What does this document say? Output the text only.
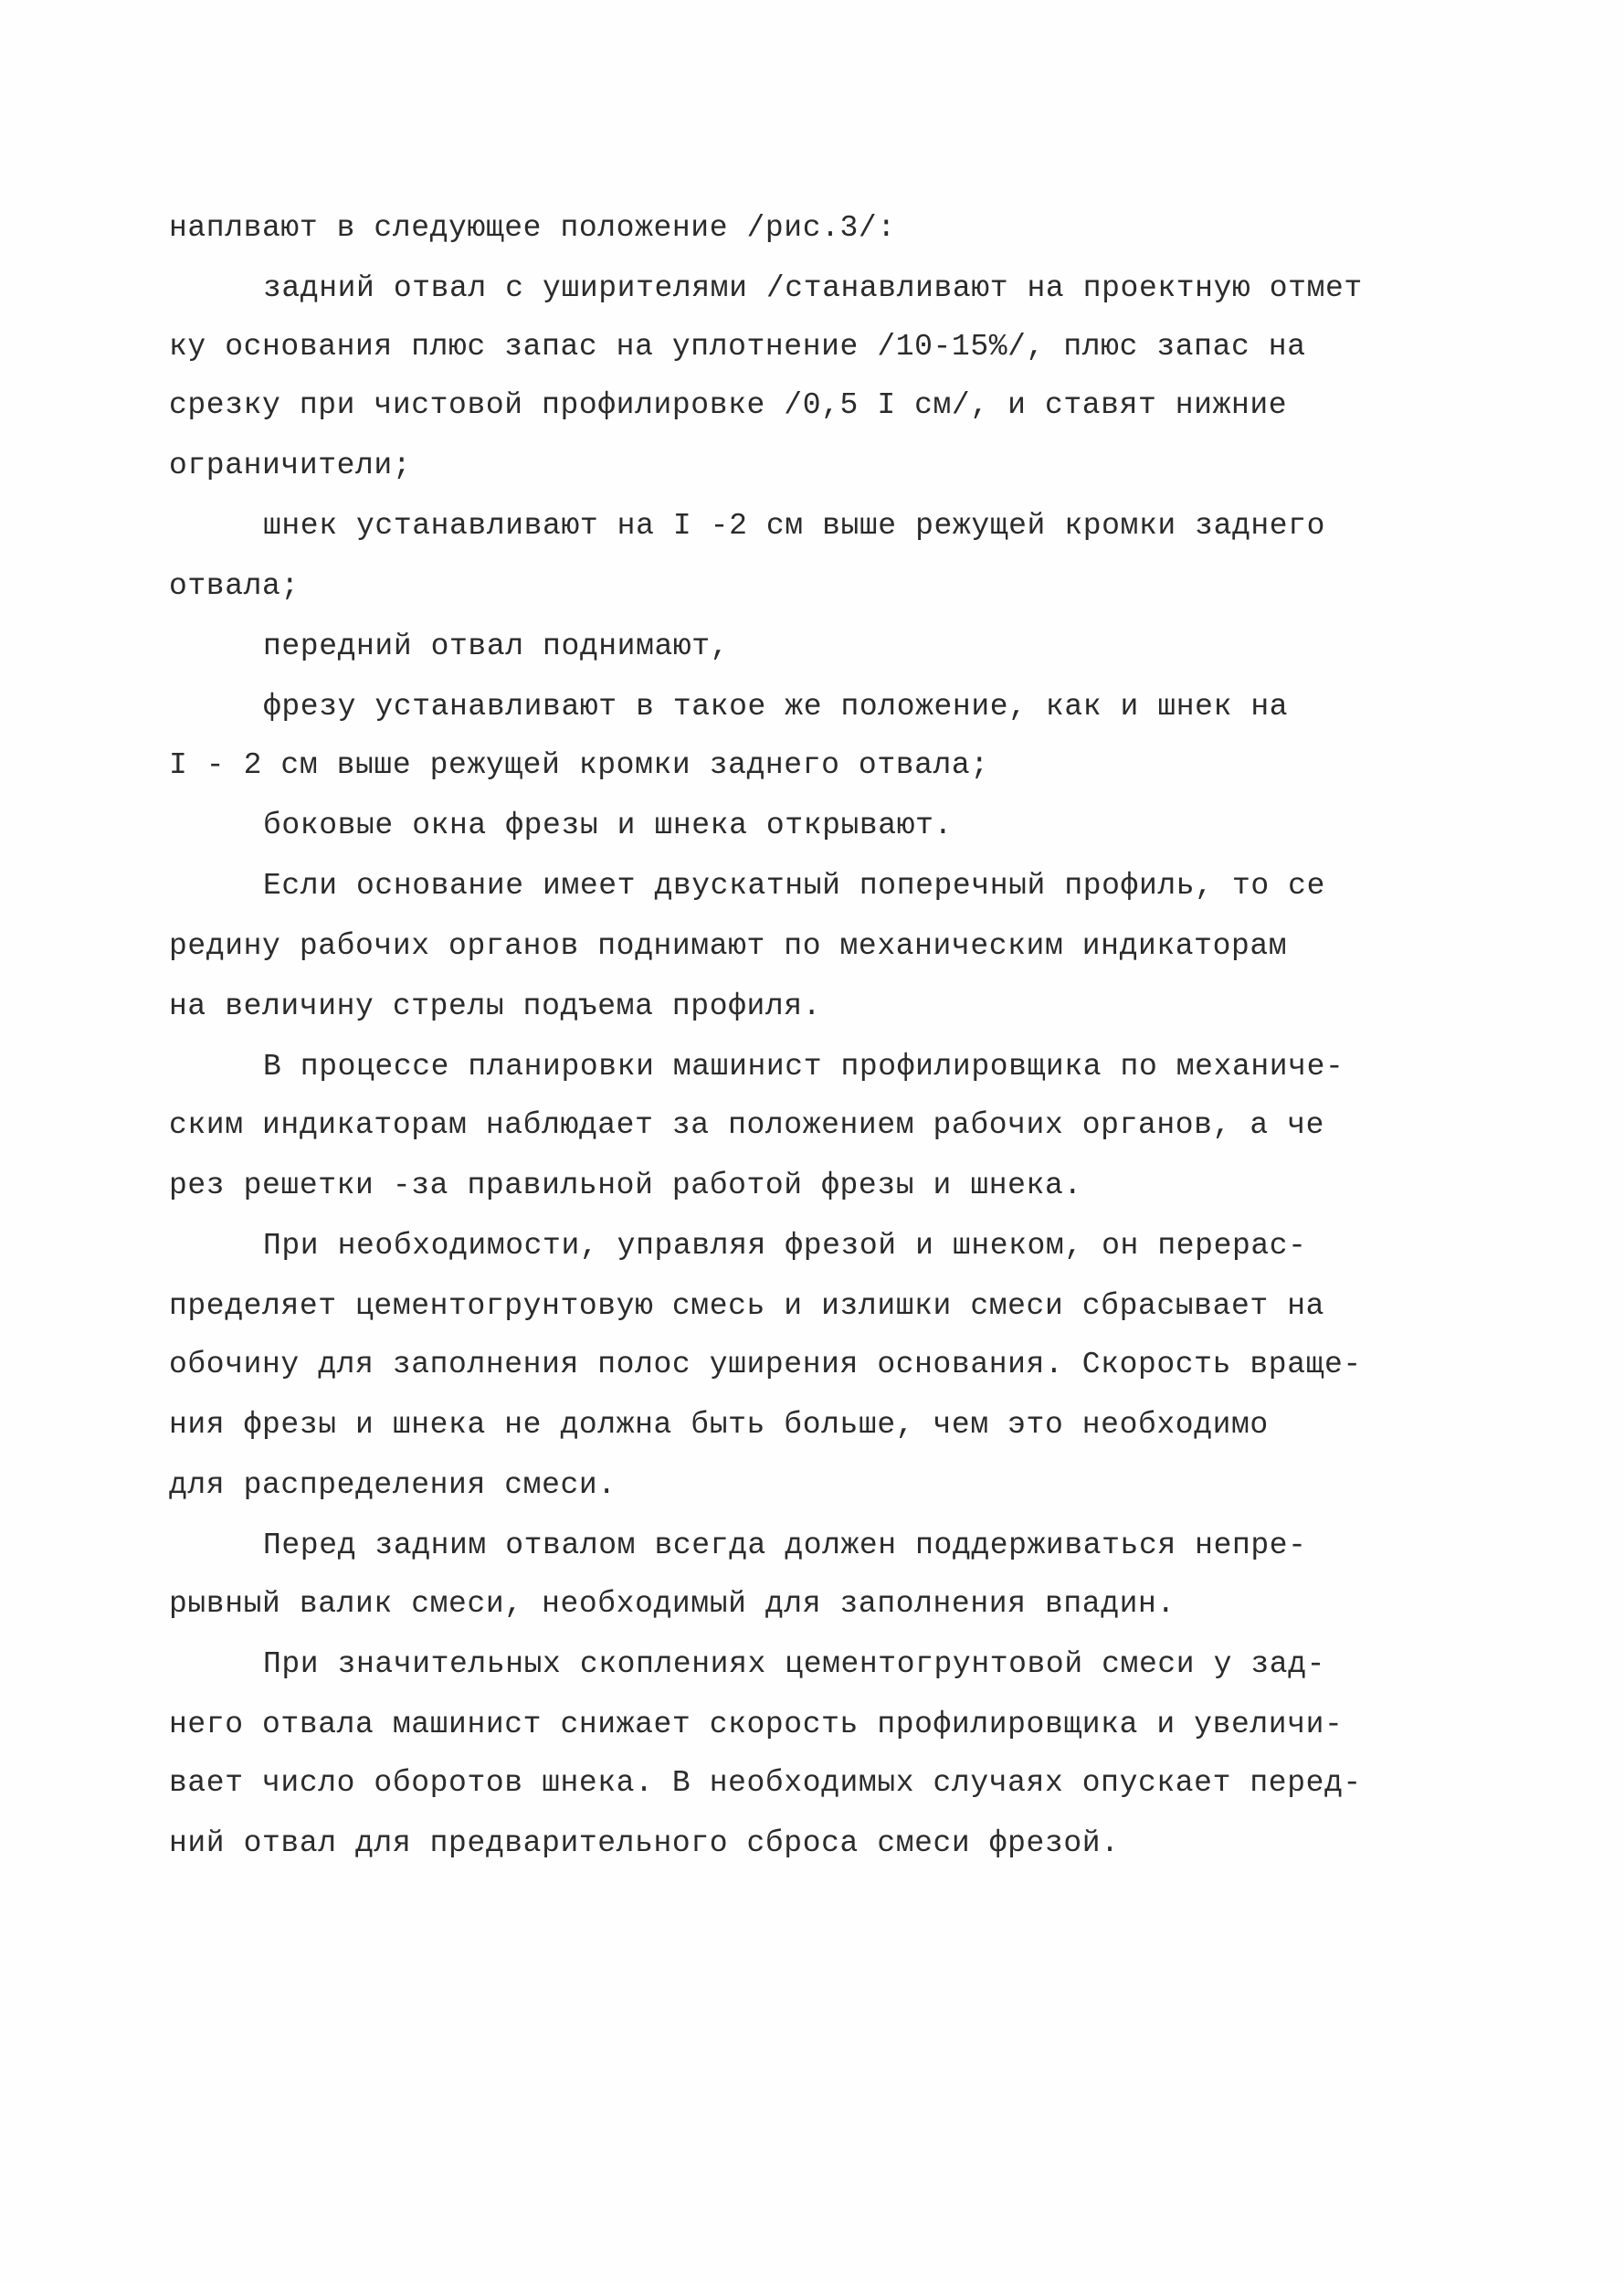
наплвают в следующее положение /рис.3/:
задний отвал с уширителями /станавливают на проектную отмет
ку основания плюс запас на уплотнение /10-15%/, плюс запас на
срезку при чистовой профилировке /0,5 I см/, и ставят нижние
ограничители;
шнек устанавливают на I -2 см выше режущей кромки заднего
отвала;
передний отвал поднимают,
фрезу устанавливают в такое же положение, как и шнек на
I - 2 см выше режущей кромки заднего отвала;
боковые окна фрезы и шнека открывают.
Если основание имеет двускатный поперечный профиль, то се
редину рабочих органов поднимают по механическим индикаторам
на величину стрелы подъема профиля.
В процессе планировки машинист профилировщика по механиче-
ским индикаторам наблюдает за положением рабочих органов, а че
рез решетки -за правильной работой фрезы и шнека.
При необходимости, управляя фрезой и шнеком, он перерас-
пределяет цементогрунтовую смесь и излишки смеси сбрасывает на
обочину для заполнения полос уширения основания. Скорость враще-
ния фрезы и шнека не должна быть больше, чем это необходимо
для распределения смеси.
Перед задним отвалом всегда должен поддерживаться непре-
рывный валик смеси, необходимый для заполнения впадин.
При значительных скоплениях цементогрунтовой смеси у зад-
него отвала машинист снижает скорость профилировщика и увеличи-
вает число оборотов шнека. В необходимых случаях опускает перед-
ний отвал для предварительного сброса смеси фрезой.
